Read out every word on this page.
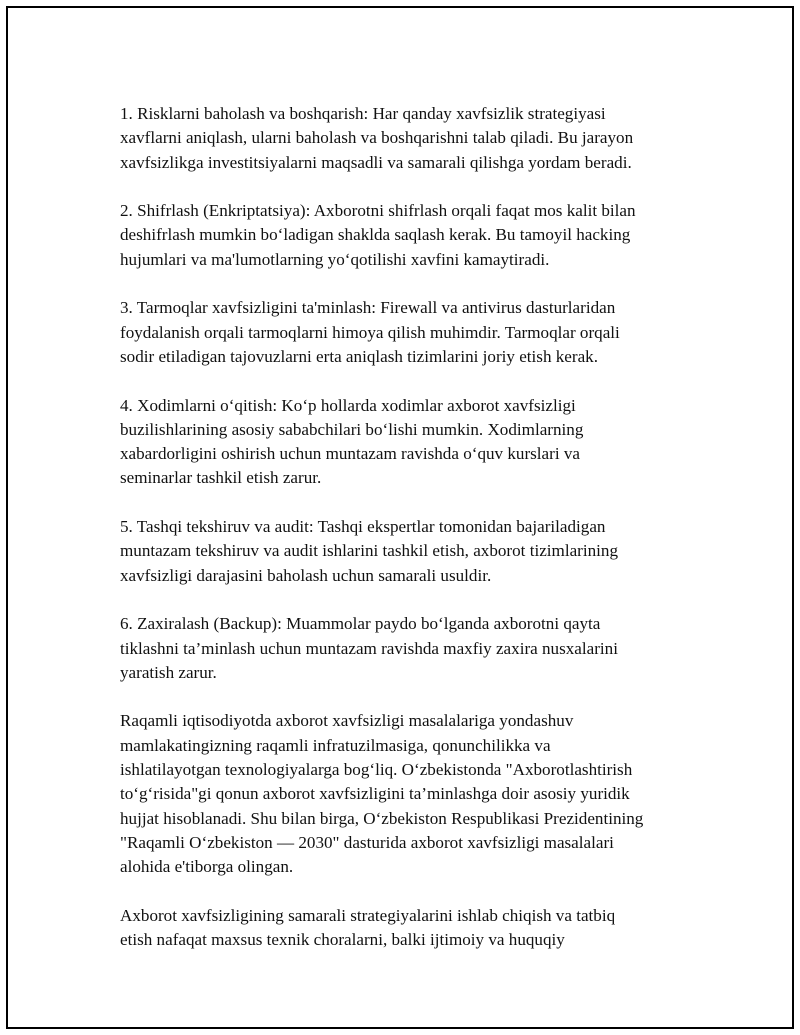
1. Risklarni baholash va boshqarish: Har qanday xavfsizlik strategiyasi
xavflarni aniqlash, ularni baholash va boshqarishni talab qiladi. Bu jarayon
xavfsizlikga investitsiyalarni maqsadli va samarali qilishga yordam beradi.

2. Shifrlash (Enkriptatsiya): Axborotni shifrlash orqali faqat mos kalit bilan
deshifrlash mumkin boʻladigan shaklda saqlash kerak. Bu tamoyil hacking
hujumlari va ma'lumotlarning yoʻqotilishi xavfini kamaytiradi.

3. Tarmoqlar xavfsizligini ta'minlash: Firewall va antivirus dasturlaridan
foydalanish orqali tarmoqlarni himoya qilish muhimdir. Tarmoqlar orqali
sodir etiladigan tajovuzlarni erta aniqlash tizimlarini joriy etish kerak.

4. Xodimlarni oʻqitish: Koʻp hollarda xodimlar axborot xavfsizligi
buzilishlarining asosiy sababchilari boʻlishi mumkin. Xodimlarning
xabardorligini oshirish uchun muntazam ravishda oʻquv kurslari va
seminarlar tashkil etish zarur.

5. Tashqi tekshiruv va audit: Tashqi ekspertlar tomonidan bajariladigan
muntazam tekshiruv va audit ishlarini tashkil etish, axborot tizimlarining
xavfsizligi darajasini baholash uchun samarali usuldir.

6. Zaxiralash (Backup): Muammolar paydo boʻlganda axborotni qayta
tiklashni ta’minlash uchun muntazam ravishda maxfiy zaxira nusxalarini
yaratish zarur.

Raqamli iqtisodiyotda axborot xavfsizligi masalalariga yondashuv
mamlakatingizning raqamli infratuzilmasiga, qonunchilikka va
ishlatilayotgan texnologiyalarga bogʻliq. Oʻzbekistonda "Axborotlashtirish
toʻgʻrisida"gi qonun axborot xavfsizligini ta’minlashga doir asosiy yuridik
hujjat hisoblanadi. Shu bilan birga, Oʻzbekiston Respublikasi Prezidentining
"Raqamli Oʻzbekiston — 2030" dasturida axborot xavfsizligi masalalari
alohida e'tiborga olingan.

Axborot xavfsizligining samarali strategiyalarini ishlab chiqish va tatbiq
etish nafaqat maxsus texnik choralarni, balki ijtimoiy va huquqiy
